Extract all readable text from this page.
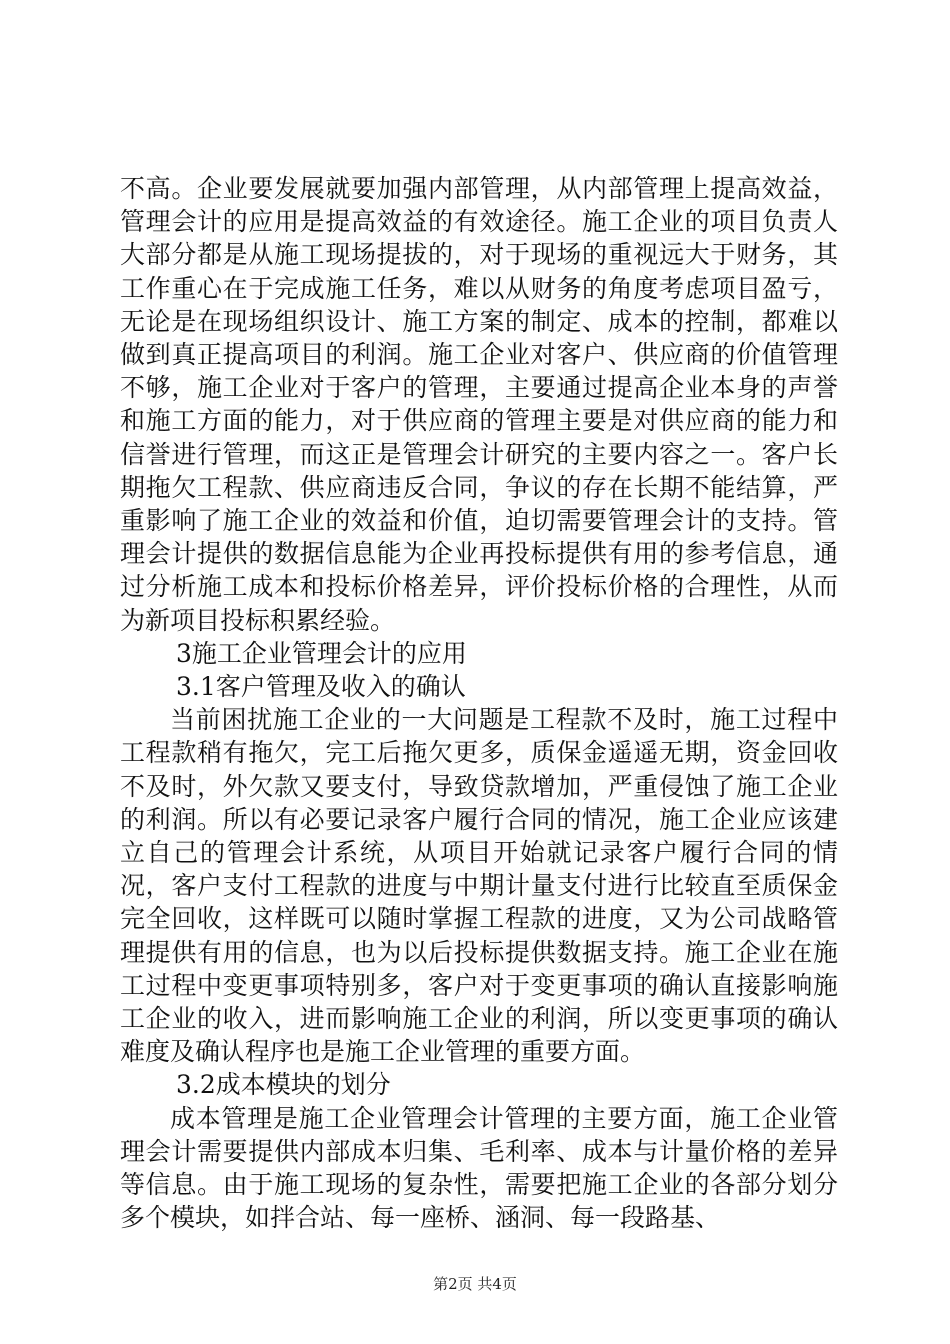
不高。企业要发展就要加强内部管理，从内部管理上提高效益，管理会计的应用是提高效益的有效途径。施工企业的项目负责人大部分都是从施工现场提拔的，对于现场的重视远大于财务，其工作重心在于完成施工任务，难以从财务的角度考虑项目盈亏，无论是在现场组织设计、施工方案的制定、成本的控制，都难以做到真正提高项目的利润。施工企业对客户、供应商的价值管理不够，施工企业对于客户的管理，主要通过提高企业本身的声誉和施工方面的能力，对于供应商的管理主要是对供应商的能力和信誉进行管理，而这正是管理会计研究的主要内容之一。客户长期拖欠工程款、供应商违反合同，争议的存在长期不能结算，严重影响了施工企业的效益和价值，迫切需要管理会计的支持。管理会计提供的数据信息能为企业再投标提供有用的参考信息，通过分析施工成本和投标价格差异，评价投标价格的合理性，从而为新项目投标积累经验。

3施工企业管理会计的应用

3.1客户管理及收入的确认

当前困扰施工企业的一大问题是工程款不及时，施工过程中工程款稍有拖欠，完工后拖欠更多，质保金遥遥无期，资金回收不及时，外欠款又要支付，导致贷款增加，严重侵蚀了施工企业的利润。所以有必要记录客户履行合同的情况，施工企业应该建立自己的管理会计系统，从项目开始就记录客户履行合同的情况，客户支付工程款的进度与中期计量支付进行比较直至质保金完全回收，这样既可以随时掌握工程款的进度，又为公司战略管理提供有用的信息，也为以后投标提供数据支持。施工企业在施工过程中变更事项特别多，客户对于变更事项的确认直接影响施工企业的收入，进而影响施工企业的利润，所以变更事项的确认难度及确认程序也是施工企业管理的重要方面。

3.2成本模块的划分

成本管理是施工企业管理会计管理的主要方面，施工企业管理会计需要提供内部成本归集、毛利率、成本与计量价格的差异等信息。由于施工现场的复杂性，需要把施工企业的各部分划分多个模块，如拌合站、每一座桥、涵洞、每一段路基、

第2页 共4页
